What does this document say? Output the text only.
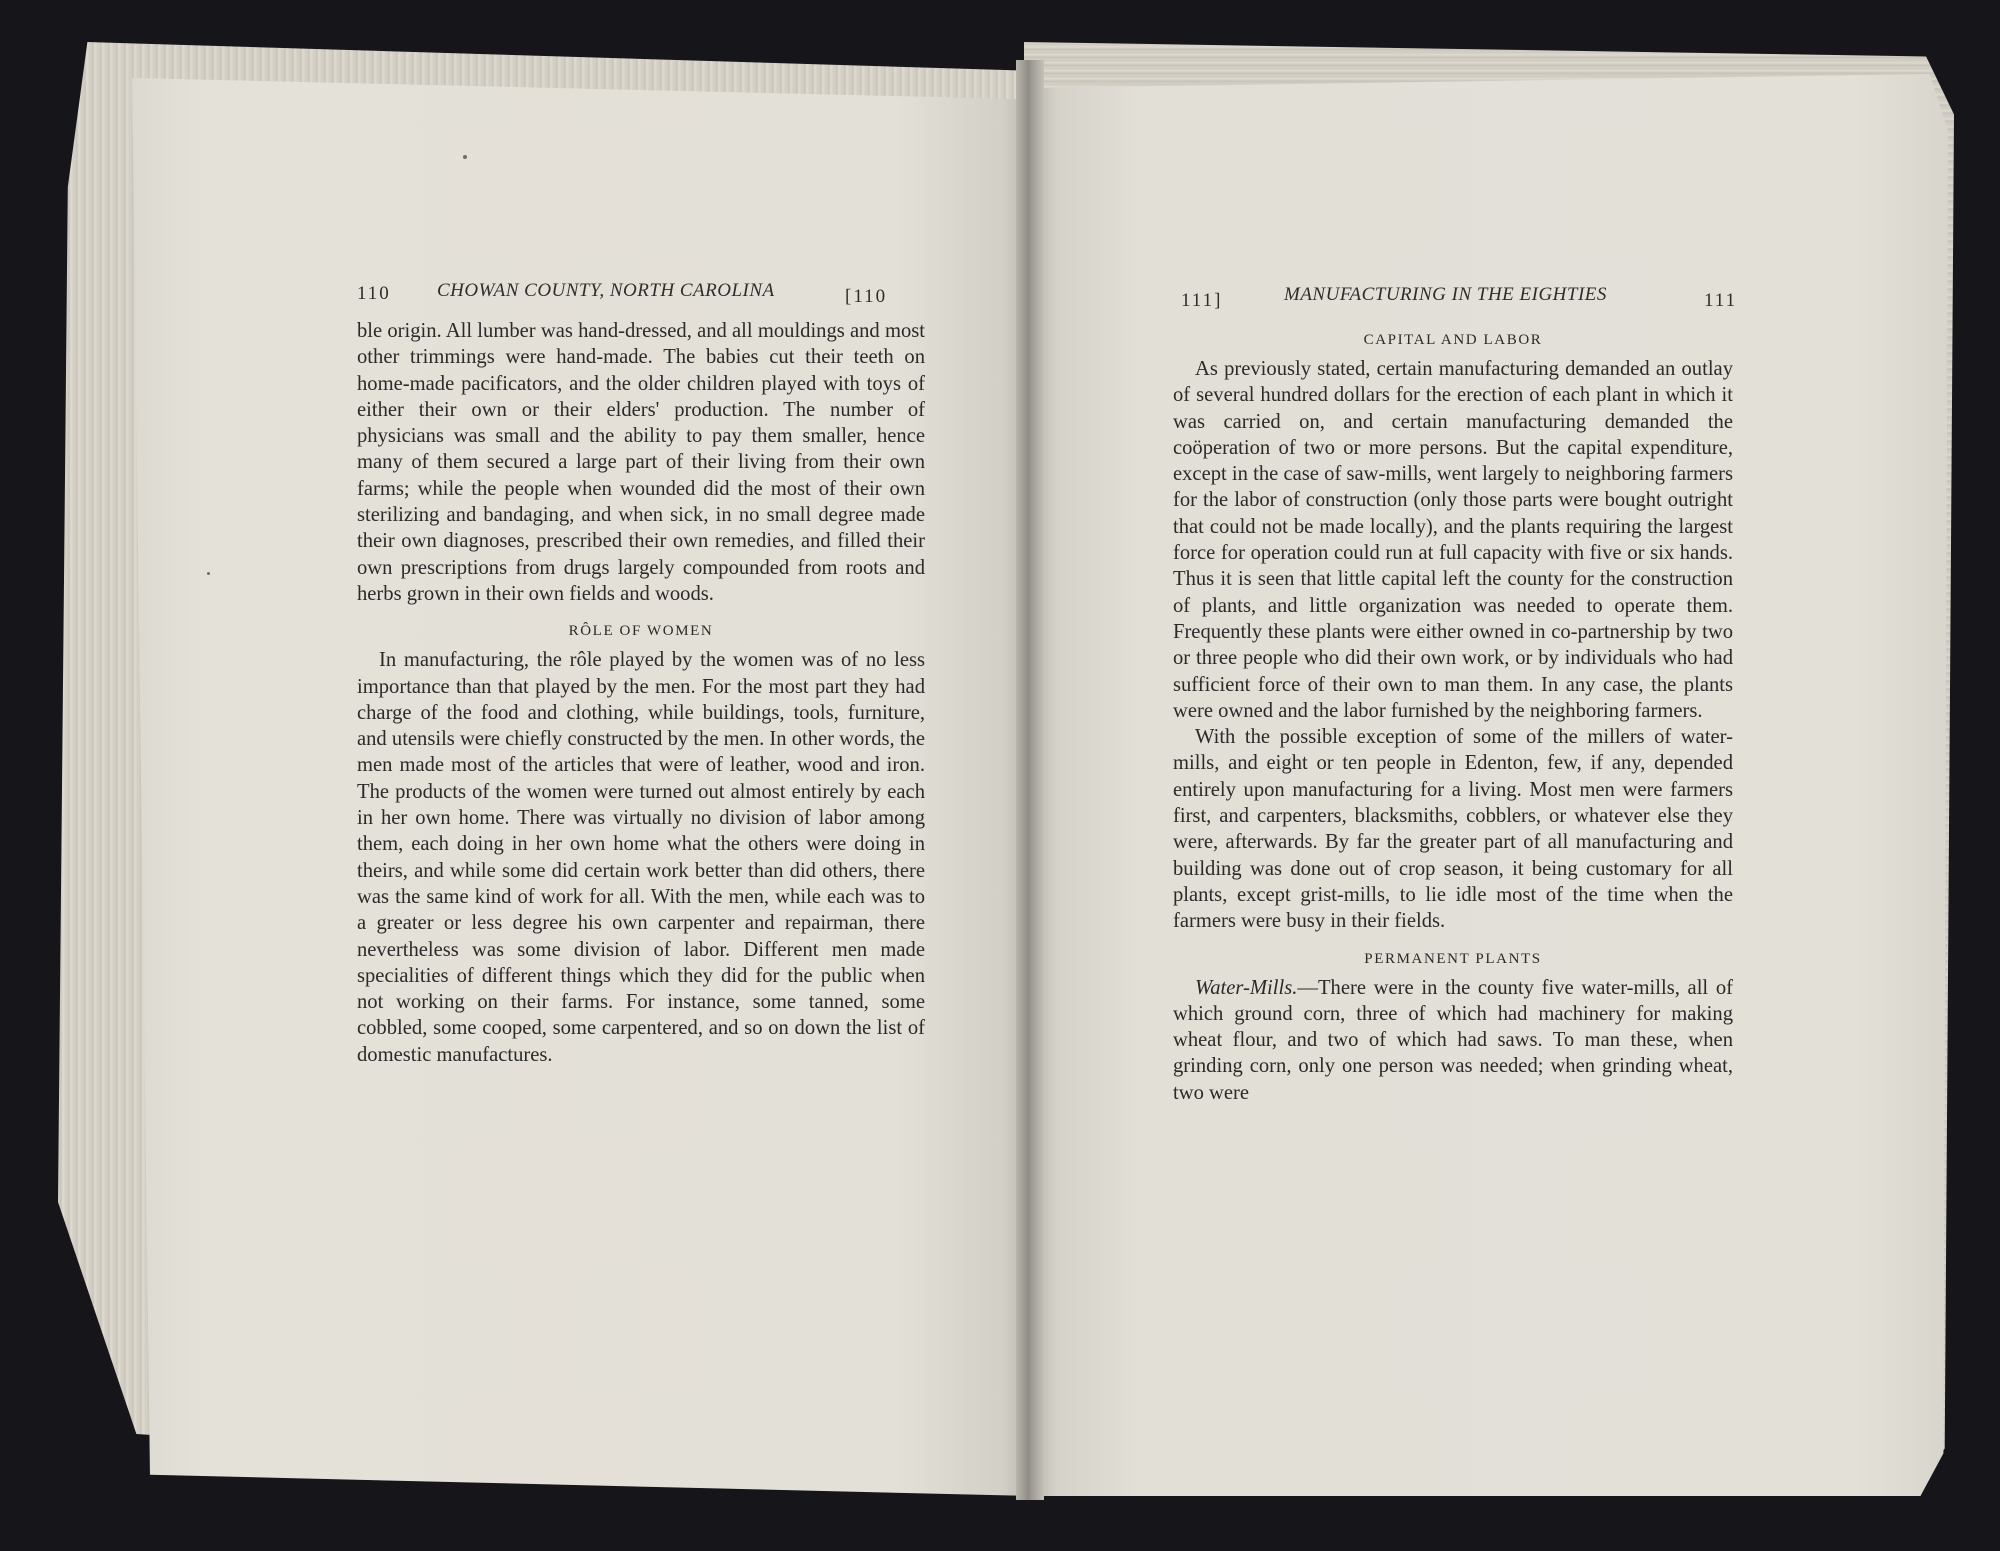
110 CHOWAN COUNTY, NORTH CAROLINA	[110

ble origin. All lumber was hand-dressed, and all mouldings and most other trimmings were hand-made. The babies cut their teeth on home-made pacificators, and the older children played with toys of either their own or their elders' production. The number of physicians was small and the ability to pay them smaller, hence many of them secured a large part of their living from their own farms; while the people when wounded did the most of their own sterilizing and bandaging, and when sick, in no small degree made their own diagnoses, prescribed their own remedies, and filled their own prescriptions from drugs largely compounded from roots and herbs grown in their own fields and woods.

RÔLE OF WOMEN

In manufacturing, the rôle played by the women was of no less importance than that played by the men. For the most part they had charge of the food and clothing, while buildings, tools, furniture, and utensils were chiefly constructed by the men. In other words, the men made most of the articles that were of leather, wood and iron. The products of the women were turned out almost entirely by each in her own home. There was virtually no division of labor among them, each doing in her own home what the others were doing in theirs, and while some did certain work better than did others, there was the same kind of work for all. With the men, while each was to a greater or less degree his own carpenter and repairman, there nevertheless was some division of labor. Different men made specialities of different things which they did for the public when not working on their farms. For instance, some tanned, some cobbled, some cooped, some carpentered, and so on down the list of domestic manufactures.

111]	MANUFACTURING IN THE EIGHTIES	111
CAPITAL AND LABOR

As previously stated, certain manufacturing demanded an outlay of several hundred dollars for the erection of each plant in which it was carried on, and certain manufacturing demanded the coöperation of two or more persons. But the capital expenditure, except in the case of saw-mills, went largely to neighboring farmers for the labor of construction (only those parts were bought outright that could not be made locally), and the plants requiring the largest force for operation could run at full capacity with five or six hands. Thus it is seen that little capital left the county for the construction of plants, and little organization was needed to operate them. Frequently these plants were either owned in co-partnership by two or three people who did their own work, or by individuals who had sufficient force of their own to man them. In any case, the plants were owned and the labor furnished by the neighboring farmers.

With the possible exception of some of the millers of water-mills, and eight or ten people in Edenton, few, if any, depended entirely upon manufacturing for a living. Most men were farmers first, and carpenters, blacksmiths, cobblers, or whatever else they were, afterwards. By far the greater part of all manufacturing and building was done out of crop season, it being customary for all plants, except grist-mills, to lie idle most of the time when the farmers were busy in their fields.

PERMANENT PLANTS

Water-Mills.—There were in the county five water-mills, all of which ground corn, three of which had machinery for making wheat flour, and two of which had saws. To man these, when grinding corn, only one person was needed; when grinding wheat, two were
